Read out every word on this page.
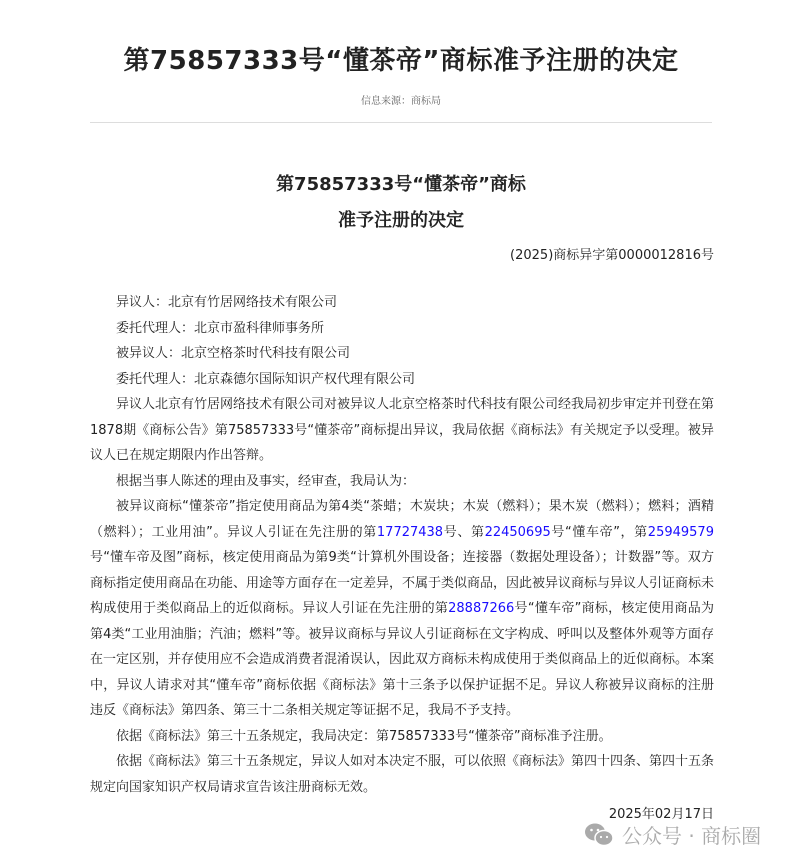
第75857333号“懂茶帝”商标准予注册的决定
信息来源：商标局
第75857333号“懂茶帝”商标
准予注册的决定
(2025)商标异字第0000012816号

异议人：北京有竹居网络技术有限公司

委托代理人：北京市盈科律师事务所

被异议人：北京空格茶时代科技有限公司

委托代理人：北京森德尔国际知识产权代理有限公司

异议人北京有竹居网络技术有限公司对被异议人北京空格茶时代科技有限公司经我局初步审定并刊登在第1878期《商标公告》第75857333号“懂茶帝”商标提出异议，我局依据《商标法》有关规定予以受理。被异议人已在规定期限内作出答辩。

根据当事人陈述的理由及事实，经审查，我局认为：

被异议商标“懂茶帝”指定使用商品为第4类“茶蜡；木炭块；木炭（燃料）；果木炭（燃料）；燃料；酒精（燃料）；工业用油”。异议人引证在先注册的第17727438号、第22450695号“懂车帝”，第25949579号“懂车帝及图”商标，核定使用商品为第9类“计算机外围设备；连接器（数据处理设备）；计数器”等。双方商标指定使用商品在功能、用途等方面存在一定差异，不属于类似商品，因此被异议商标与异议人引证商标未构成使用于类似商品上的近似商标。异议人引证在先注册的第28887266号“懂车帝”商标，核定使用商品为第4类“工业用油脂；汽油；燃料”等。被异议商标与异议人引证商标在文字构成、呼叫以及整体外观等方面存在一定区别，并存使用应不会造成消费者混淆误认，因此双方商标未构成使用于类似商品上的近似商标。本案中，异议人请求对其“懂车帝”商标依据《商标法》第十三条予以保护证据不足。异议人称被异议商标的注册违反《商标法》第四条、第三十二条相关规定等证据不足，我局不予支持。

依据《商标法》第三十五条规定，我局决定：第75857333号“懂茶帝”商标准予注册。

依据《商标法》第三十五条规定，异议人如对本决定不服，可以依照《商标法》第四十四条、第四十五条规定向国家知识产权局请求宣告该注册商标无效。

2025年02月17日
公众号 · 商标圈
